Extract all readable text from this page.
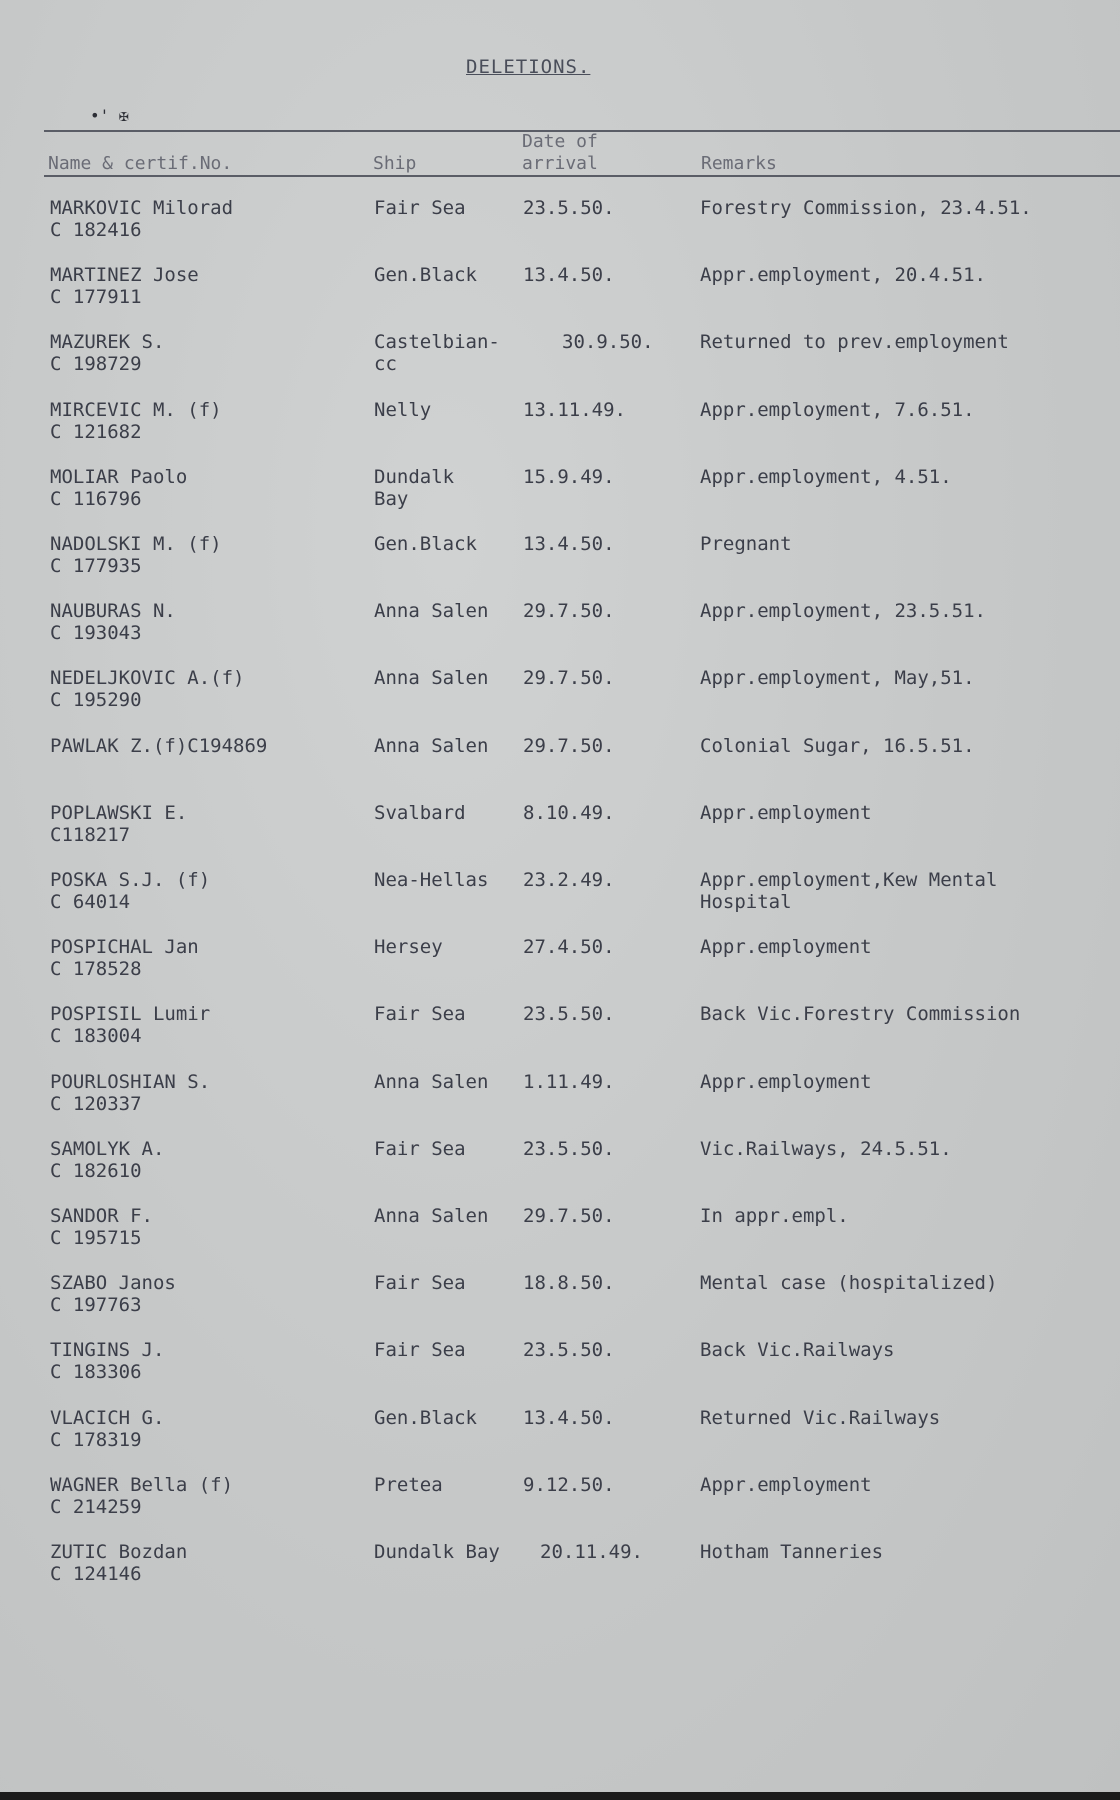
DELETIONS.
•' ✠
Name & certif.No.	Ship
Date of
arrival	Remarks
MARKOVIC Milorad
C 182416
Fair Sea	23.5.50.	Forestry Commission, 23.4.51.
MARTINEZ Jose
C 177911
Gen.Black	13.4.50.	Appr.employment, 20.4.51.
MAZUREK S.
C 198729
Castelbian-
cc
30.9.50.	Returned to prev.employment
MIRCEVIC M. (f)
C 121682
Nelly	13.11.49.	Appr.employment, 7.6.51.
MOLIAR Paolo
C 116796
Dundalk
Bay
15.9.49.	Appr.employment, 4.51.
NADOLSKI M. (f)
C 177935
Gen.Black	13.4.50.	Pregnant
NAUBURAS N.
C 193043
Anna Salen	29.7.50.	Appr.employment, 23.5.51.
NEDELJKOVIC A.(f)
C 195290
Anna Salen	29.7.50.	Appr.employment, May,51.
PAWLAK Z.(f)C194869	Anna Salen	29.7.50.	Colonial Sugar, 16.5.51.
POPLAWSKI E.
C118217
Svalbard	8.10.49.	Appr.employment
POSKA S.J. (f)
C 64014
Nea-Hellas	23.2.49.	Appr.employment,Kew Mental Hospital
POSPICHAL Jan
C 178528
Hersey	27.4.50.	Appr.employment
POSPISIL Lumir
C 183004
Fair Sea	23.5.50.	Back Vic.Forestry Commission
POURLOSHIAN S.
C 120337
Anna Salen	1.11.49.	Appr.employment
SAMOLYK A.
C 182610
Fair Sea	23.5.50.	Vic.Railways, 24.5.51.
SANDOR F.
C 195715
Anna Salen	29.7.50.	In appr.empl.
SZABO Janos
C 197763
Fair Sea	18.8.50.	Mental case (hospitalized)
TINGINS J.
C 183306
Fair Sea	23.5.50.	Back Vic.Railways
VLACICH G.
C 178319
Gen.Black	13.4.50.	Returned Vic.Railways
WAGNER Bella (f)
C 214259
Pretea	9.12.50.	Appr.employment
ZUTIC Bozdan
C 124146
Dundalk Bay	20.11.49.	Hotham Tanneries
